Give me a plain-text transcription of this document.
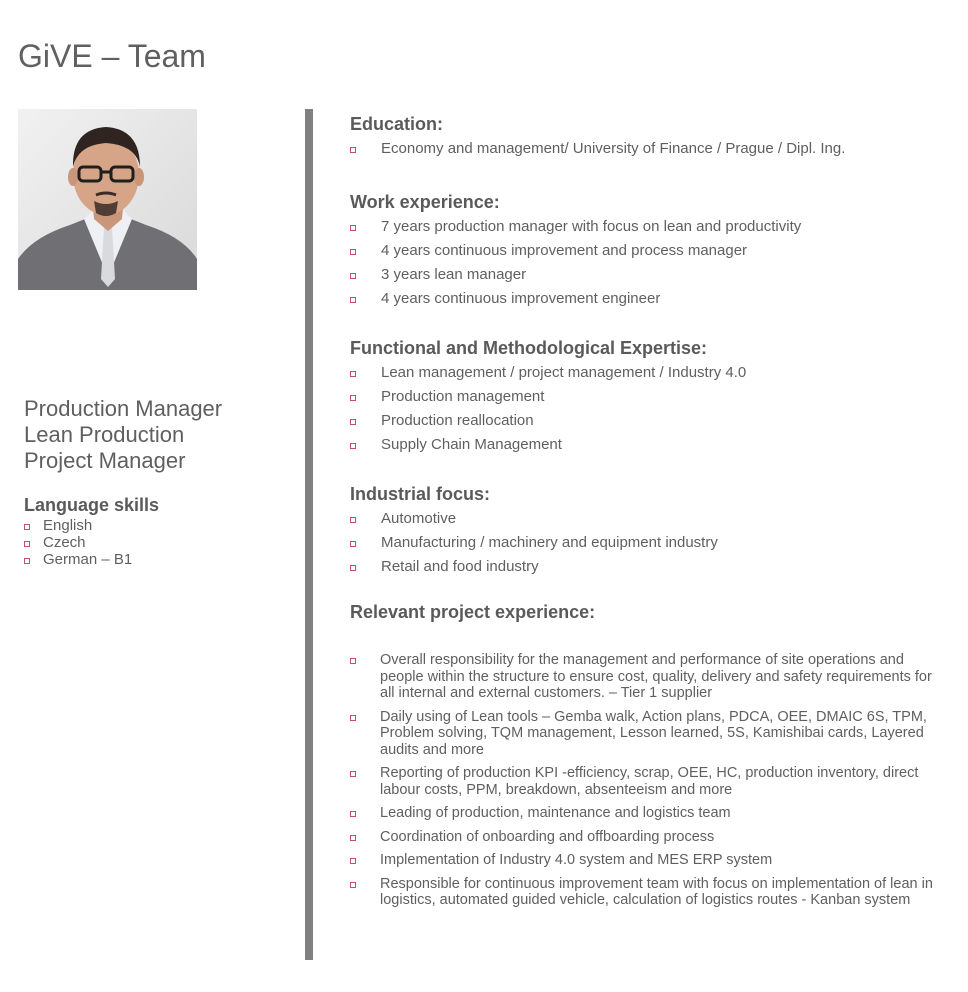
GiVE – Team
Production Manager
Lean Production
Project Manager
Language skills
English
Czech
German – B1
Education:
Economy and management/ University of Finance / Prague / Dipl. Ing.
Work experience:
7 years production manager with focus on lean and productivity
4 years continuous improvement and process manager
3 years lean manager
4 years continuous improvement engineer
Functional and Methodological Expertise:
Lean management / project management / Industry 4.0
Production management
Production reallocation
Supply Chain Management
Industrial focus:
Automotive
Manufacturing / machinery and equipment industry
Retail and food industry
Relevant project experience:
Overall responsibility for the management and performance of site operations and people within the structure to ensure cost, quality, delivery and safety requirements for all internal and external customers. – Tier 1 supplier
Daily using of Lean tools – Gemba walk, Action plans, PDCA, OEE, DMAIC 6S, TPM, Problem solving, TQM management, Lesson learned, 5S, Kamishibai cards, Layered audits and more
Reporting of production KPI -efficiency, scrap, OEE, HC, production inventory, direct labour costs, PPM, breakdown, absenteeism and more
Leading of production, maintenance and logistics team
Coordination of onboarding and offboarding process
Implementation of Industry 4.0 system and MES ERP system
Responsible for continuous improvement team with focus on implementation of lean in logistics, automated guided vehicle, calculation of logistics routes - Kanban system
